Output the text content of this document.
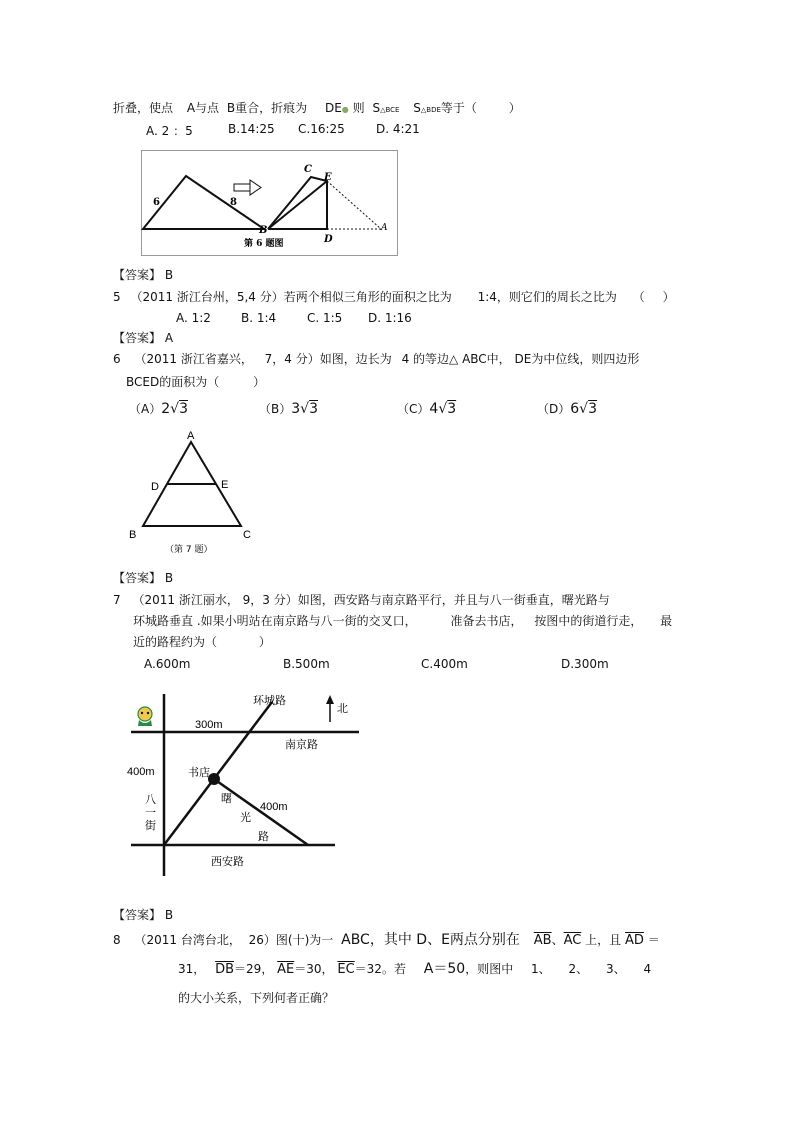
折叠，使点 A与点 B重合，折痕为 DE● 则 S△BCE S△BDE等于（	）
A. 2 ：5	B.14:25 C.16:25	D. 4:21
6	8
C
E
B
D
A
第 6 题图
【答案】 B
5 （2011 浙江台州，5,4 分）若两个相似三角形的面积之比为 1:4，则它们的周长之比为 （ ）
A. 1:2	B. 1:4	C. 1:5 D. 1:16
【答案】 A
6 （2011 浙江省嘉兴， 7，4 分）如图，边长为 4 的等边△ ABC中， DE为中位线，则四边形
BCED的面积为（	）
（A）2√3	（B）3√3	（C）4√3	（D）6√3
A
D	E
B	C
（第 7 题）
【答案】 B
7 （2011 浙江丽水， 9，3 分）如图，西安路与南京路平行，并且与八一街垂直，曙光路与
环城路垂直 .如果小明站在南京路与八一街的交叉口，	准备去书店， 按图中的街道行走， 最
近的路程约为（	）
A.600m	B.500m	C.400m	D.300m
环城路
北
300m
南京路
400m	书店
八
一
街
曙
光
路
400m
西安路
【答案】 B
8 （2011 台湾台北， 26）图(十)为一 ABC，其中 D、E两点分别在 $\overline{AB}$、$\overline{AC}$ 上，且 $\overline{AD}$ ＝
31， $\overline{DB}=29$， $\overline{AE}=30$， $\overline{EC}=32$。若 A＝50，则图中 1、 2、 3、 4
的大小关系，下列何者正确？
